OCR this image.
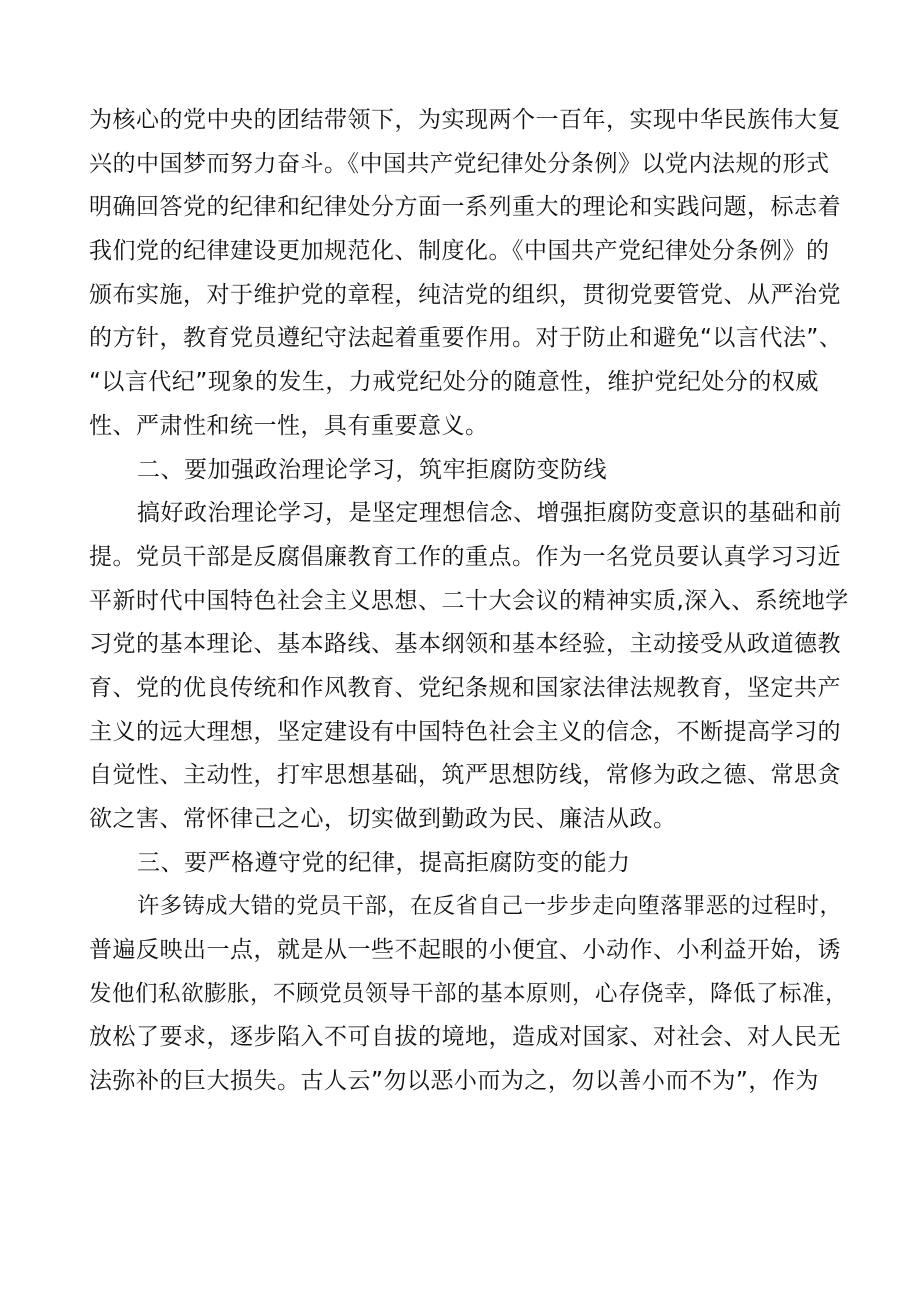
为核心的党中央的团结带领下，为实现两个一百年，实现中华民族伟大复
兴的中国梦而努力奋斗。《中国共产党纪律处分条例》以党内法规的形式
明确回答党的纪律和纪律处分方面一系列重大的理论和实践问题，标志着
我们党的纪律建设更加规范化、制度化。《中国共产党纪律处分条例》的
颁布实施，对于维护党的章程，纯洁党的组织，贯彻党要管党、从严治党
的方针，教育党员遵纪守法起着重要作用。对于防止和避免“以言代法”、
“以言代纪”现象的发生，力戒党纪处分的随意性，维护党纪处分的权威
性、严肃性和统一性，具有重要意义。
二、要加强政治理论学习，筑牢拒腐防变防线
搞好政治理论学习，是坚定理想信念、增强拒腐防变意识的基础和前
提。党员干部是反腐倡廉教育工作的重点。作为一名党员要认真学习习近
平新时代中国特色社会主义思想、二十大会议的精神实质,深入、系统地学
习党的基本理论、基本路线、基本纲领和基本经验，主动接受从政道德教
育、党的优良传统和作风教育、党纪条规和国家法律法规教育，坚定共产
主义的远大理想，坚定建设有中国特色社会主义的信念，不断提高学习的
自觉性、主动性，打牢思想基础，筑严思想防线，常修为政之德、常思贪
欲之害、常怀律己之心，切实做到勤政为民、廉洁从政。
三、要严格遵守党的纪律，提高拒腐防变的能力
许多铸成大错的党员干部，在反省自己一步步走向堕落罪恶的过程时，
普遍反映出一点，就是从一些不起眼的小便宜、小动作、小利益开始，诱
发他们私欲膨胀，不顾党员领导干部的基本原则，心存侥幸，降低了标准，
放松了要求，逐步陷入不可自拔的境地，造成对国家、对社会、对人民无
法弥补的巨大损失。古人云”勿以恶小而为之，勿以善小而不为”，作为
